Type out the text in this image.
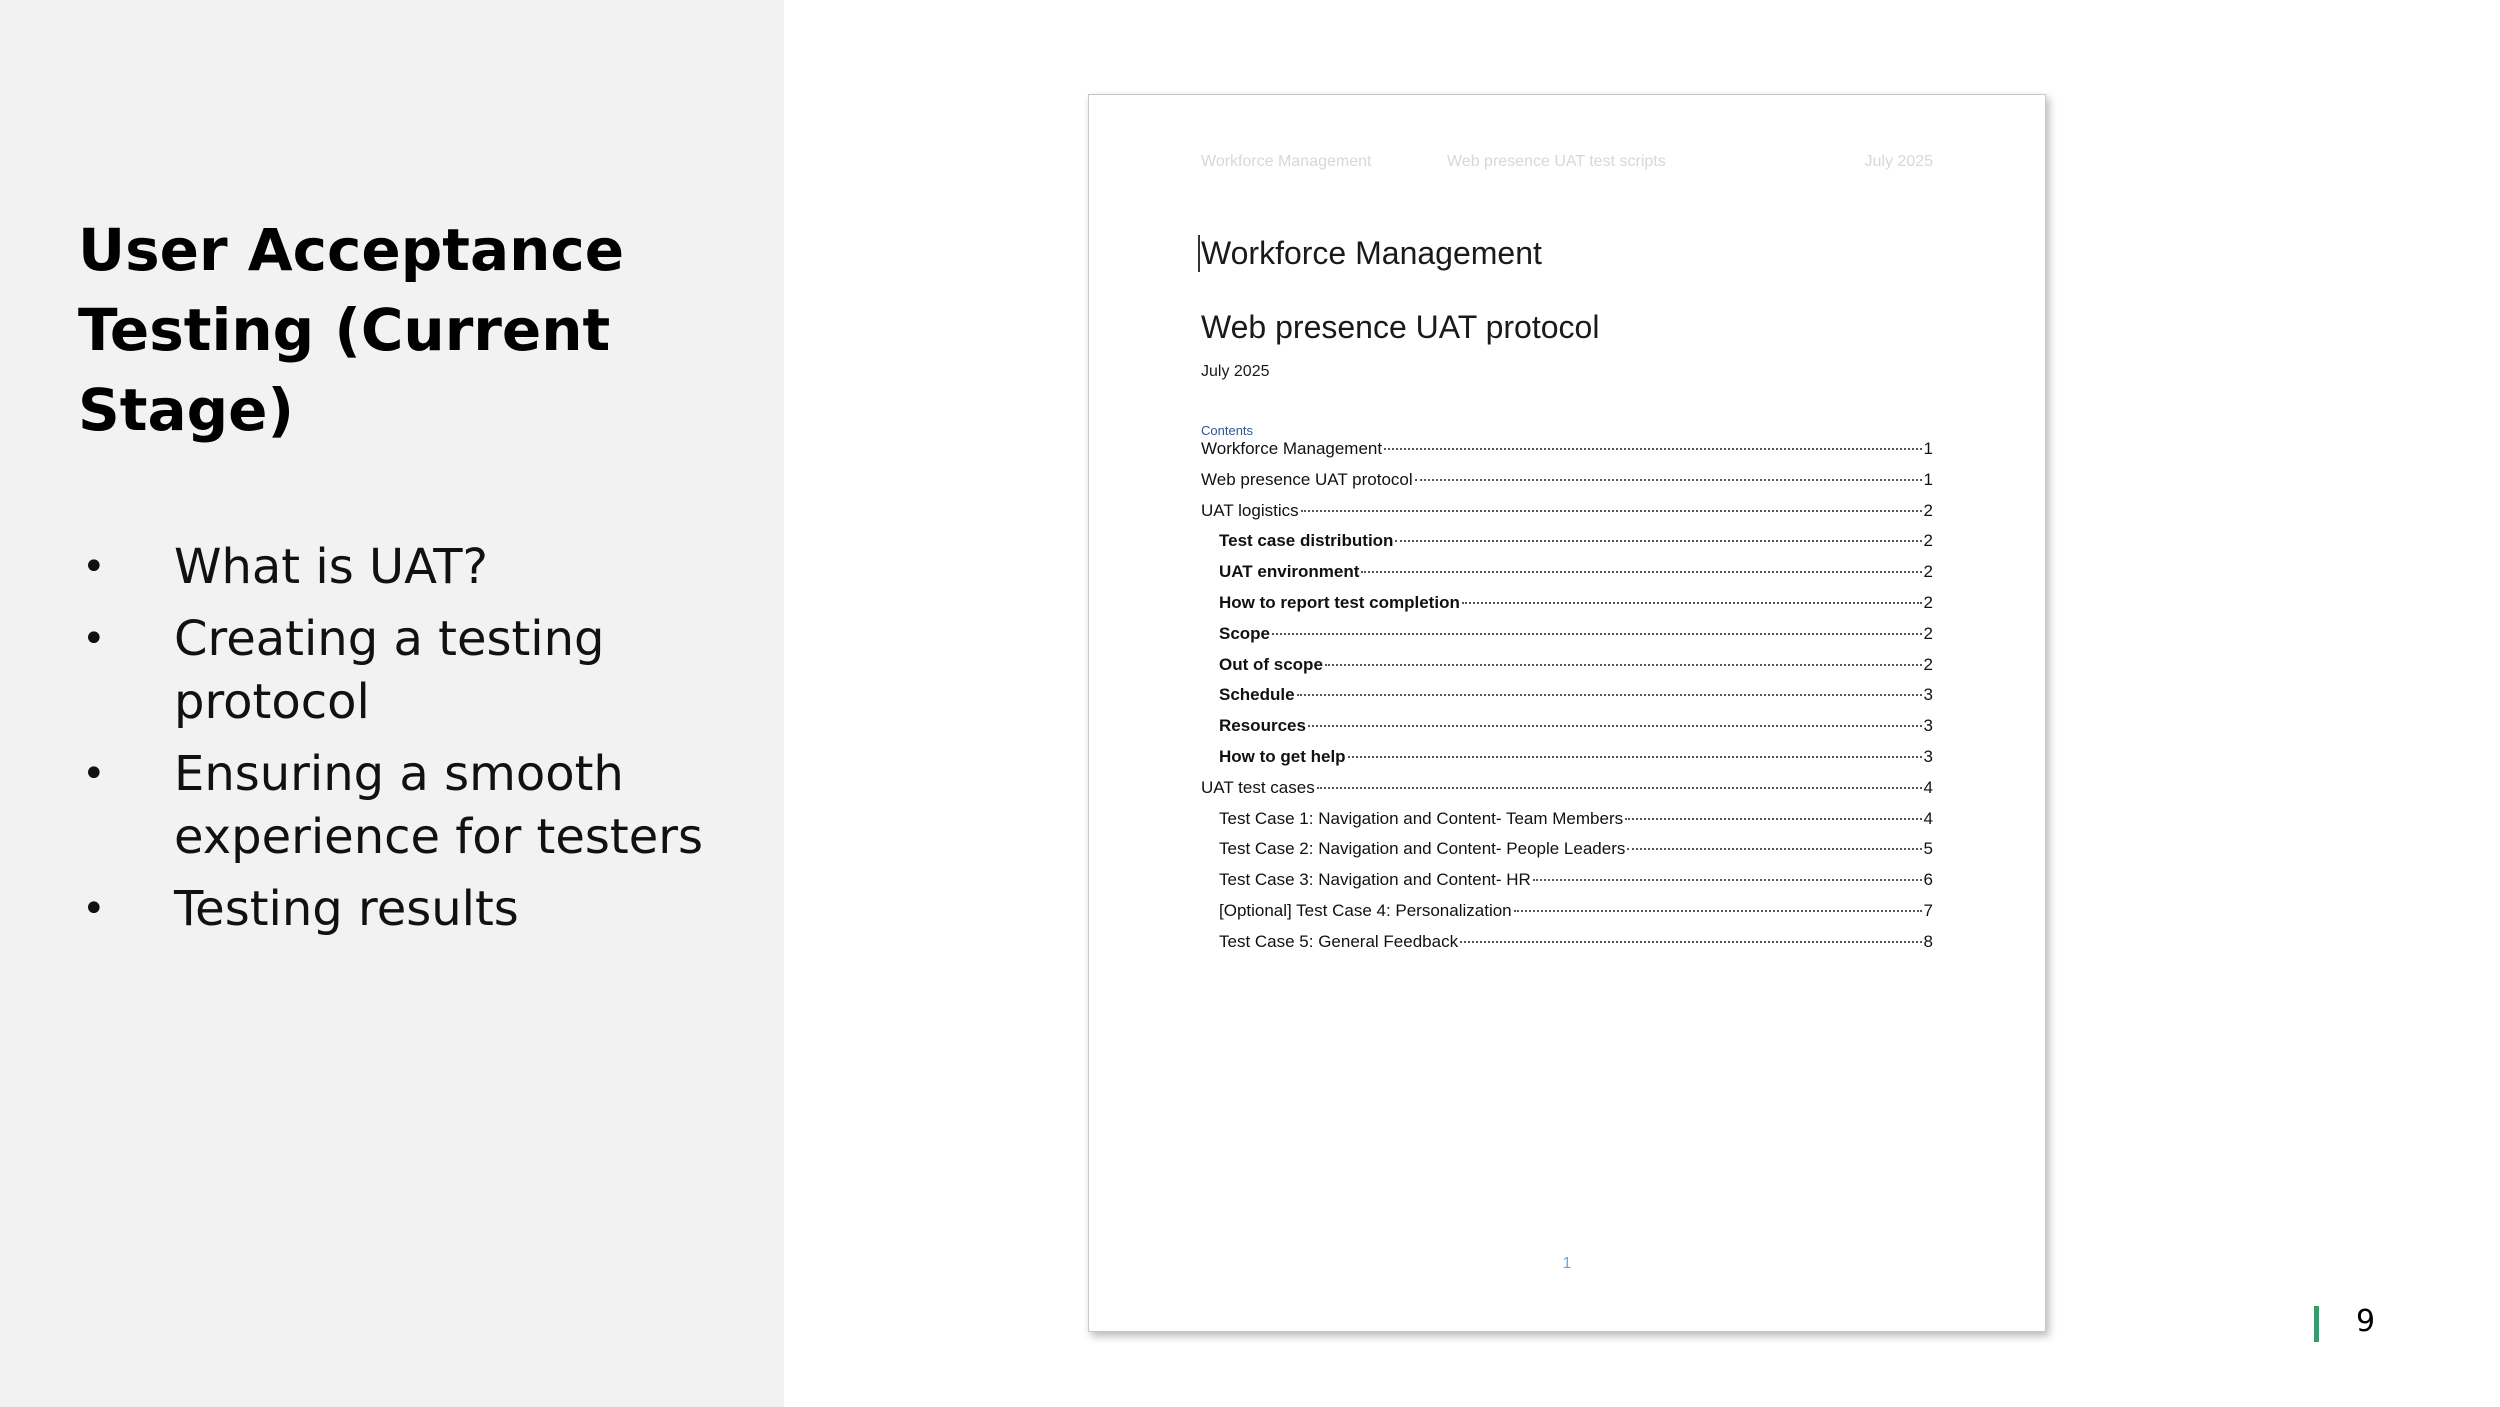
User Acceptance Testing (Current Stage)
• What is UAT?
• Creating a testing protocol
• Ensuring a smooth experience for testers
• Testing results
Workforce Management	Web presence UAT test scripts	July 2025
Workforce Management
Web presence UAT protocol
July 2025
Contents
Workforce Management	1
Web presence UAT protocol	1
UAT logistics	2
Test case distribution	2
UAT environment	2
How to report test completion	2
Scope	2
Out of scope	2
Schedule	3
Resources	3
How to get help	3
UAT test cases	4
Test Case 1: Navigation and Content- Team Members	4
Test Case 2: Navigation and Content- People Leaders	5
Test Case 3: Navigation and Content- HR	6
[Optional] Test Case 4: Personalization	7
Test Case 5: General Feedback	8
1
9
